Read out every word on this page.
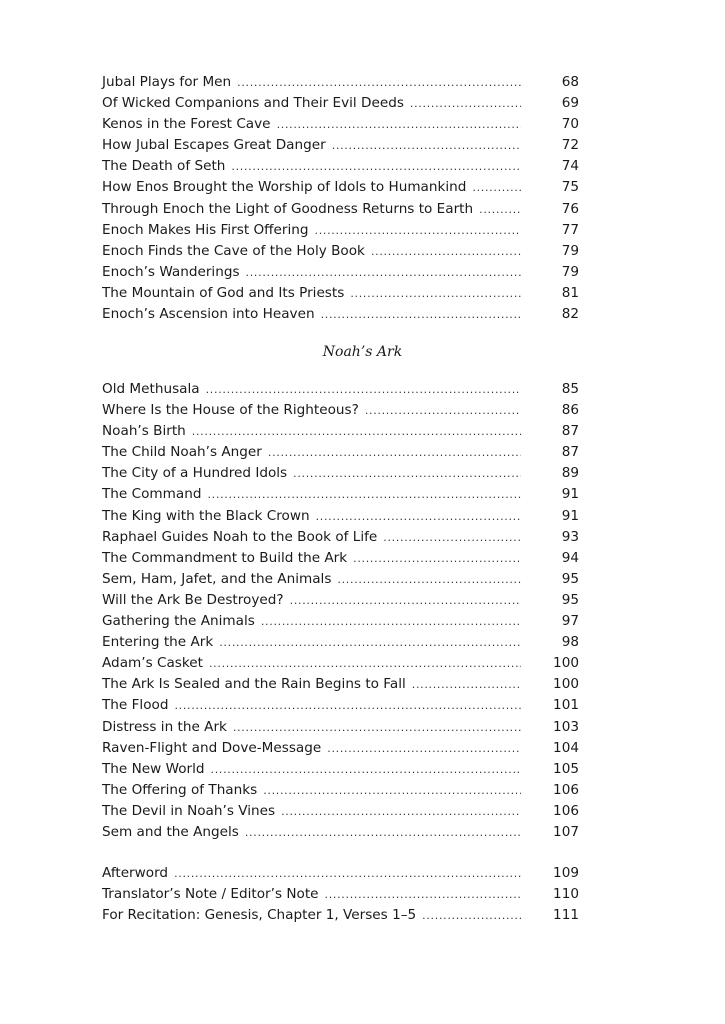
Jubal Plays for Men . . .	68
Of Wicked Companions and Their Evil Deeds . . .	69
Kenos in the Forest Cave . . .	70
How Jubal Escapes Great Danger . . .	72
The Death of Seth . . .	74
How Enos Brought the Worship of Idols to Humankind . . .	75
Through Enoch the Light of Goodness Returns to Earth . . .	76
Enoch Makes His First Offering . . .	77
Enoch Finds the Cave of the Holy Book . . .	79
Enoch’s Wanderings . . .	79
The Mountain of God and Its Priests . . .	81
Enoch’s Ascension into Heaven . . .	82
Noah’s Ark
Old Methusala . . .	85
Where Is the House of the Righteous? . . .	86
Noah’s Birth . . .	87
The Child Noah’s Anger . . .	87
The City of a Hundred Idols . . .	89
The Command . . .	91
The King with the Black Crown . . .	91
Raphael Guides Noah to the Book of Life . . .	93
The Commandment to Build the Ark . . .	94
Sem, Ham, Jafet, and the Animals . . .	95
Will the Ark Be Destroyed? . . .	95
Gathering the Animals . . .	97
Entering the Ark . . .	98
Adam’s Casket . . .	100
The Ark Is Sealed and the Rain Begins to Fall . . .	100
The Flood . . .	101
Distress in the Ark . . .	103
Raven-Flight and Dove-Message . . .	104
The New World . . .	105
The Offering of Thanks . . .	106
The Devil in Noah’s Vines . . .	106
Sem and the Angels . . .	107
Afterword . . .	109
Translator’s Note / Editor’s Note . . .	110
For Recitation: Genesis, Chapter 1, Verses 1–5 . . .	111
